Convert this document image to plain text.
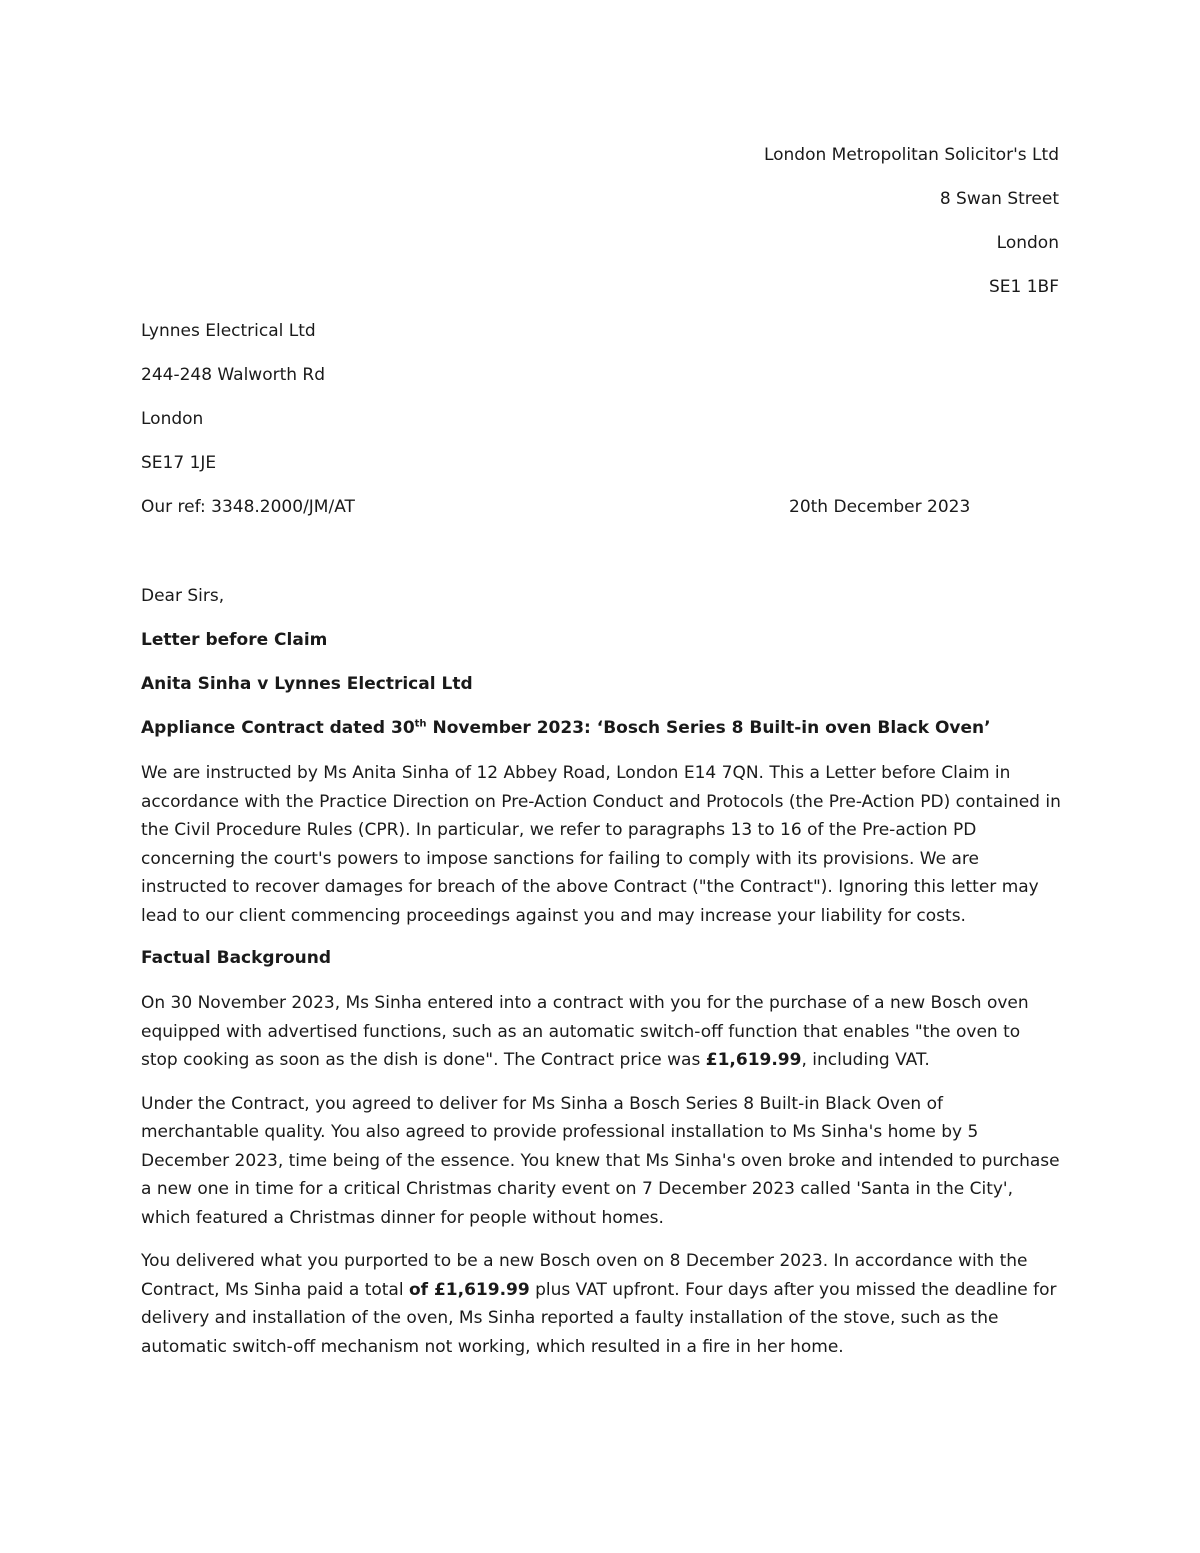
London Metropolitan Solicitor's Ltd
8 Swan Street
London
SE1 1BF
Lynnes Electrical Ltd
244-248 Walworth Rd
London
SE17 1JE
Our ref: 3348.2000/JM/AT	20th December 2023
Dear Sirs,
Letter before Claim
Anita Sinha v Lynnes Electrical Ltd
Appliance Contract dated 30th November 2023: ‘Bosch Series 8 Built-in oven Black Oven’

We are instructed by Ms Anita Sinha of 12 Abbey Road, London E14 7QN. This a Letter before Claim in accordance with the Practice Direction on Pre-Action Conduct and Protocols (the Pre-Action PD) contained in the Civil Procedure Rules (CPR). In particular, we refer to paragraphs 13 to 16 of the Pre-action PD concerning the court's powers to impose sanctions for failing to comply with its provisions. We are instructed to recover damages for breach of the above Contract ("the Contract"). Ignoring this letter may lead to our client commencing proceedings against you and may increase your liability for costs.

Factual Background

On 30 November 2023, Ms Sinha entered into a contract with you for the purchase of a new Bosch oven equipped with advertised functions, such as an automatic switch-off function that enables "the oven to stop cooking as soon as the dish is done". The Contract price was £1,619.99, including VAT.

Under the Contract, you agreed to deliver for Ms Sinha a Bosch Series 8 Built-in Black Oven of merchantable quality. You also agreed to provide professional installation to Ms Sinha's home by 5 December 2023, time being of the essence. You knew that Ms Sinha's oven broke and intended to purchase a new one in time for a critical Christmas charity event on 7 December 2023 called 'Santa in the City', which featured a Christmas dinner for people without homes.

You delivered what you purported to be a new Bosch oven on 8 December 2023. In accordance with the Contract, Ms Sinha paid a total of £1,619.99 plus VAT upfront. Four days after you missed the deadline for delivery and installation of the oven, Ms Sinha reported a faulty installation of the stove, such as the automatic switch-off mechanism not working, which resulted in a fire in her home.
